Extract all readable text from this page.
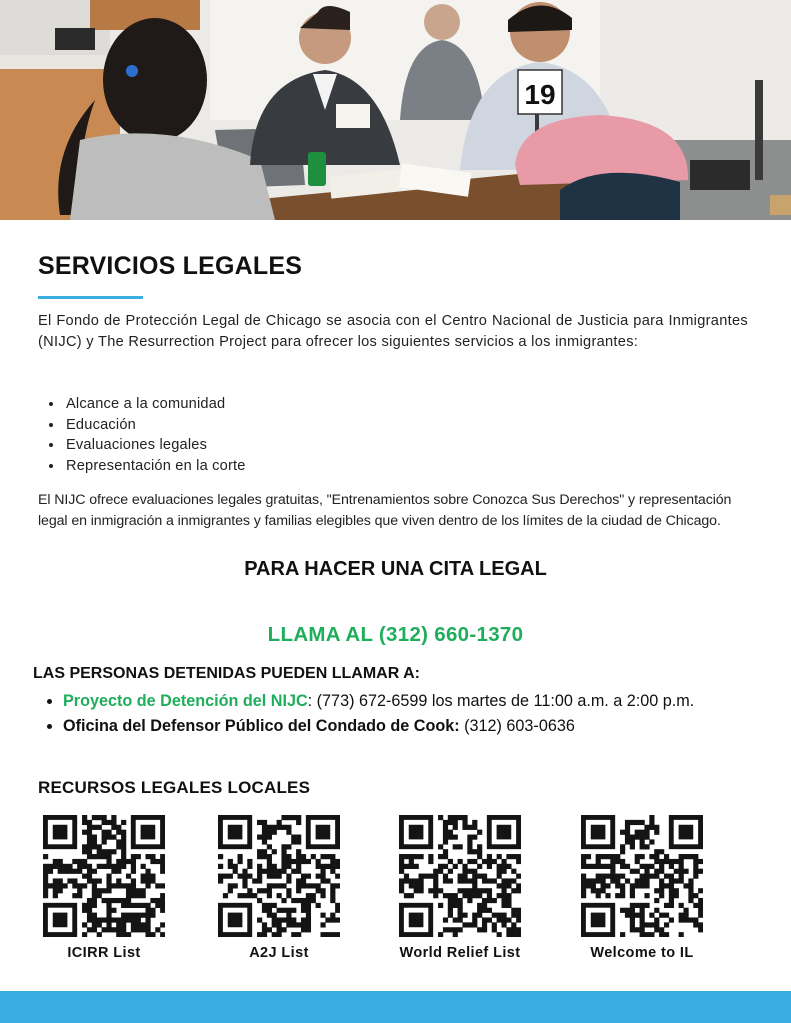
19
SERVICIOS LEGALES
El Fondo de Protección Legal de Chicago se asocia con el Centro Nacional de Justicia para Inmigrantes (NIJC) y The Resurrection Project para ofrecer los siguientes servicios a los inmigrantes:
• Alcance a la comunidad
• Educación
• Evaluaciones legales
• Representación en la corte
El NIJC ofrece evaluaciones legales gratuitas, "Entrenamientos sobre Conozca Sus Derechos" y representación legal en inmigración a inmigrantes y familias elegibles que viven dentro de los límites de la ciudad de Chicago.
PARA HACER UNA CITA LEGAL
LLAMA AL (312) 660-1370
LAS PERSONAS DETENIDAS PUEDEN LLAMAR A:
• Proyecto de Detención del NIJC: (773) 672-6599 los martes de 11:00 a.m. a 2:00 p.m.
• Oficina del Defensor Público del Condado de Cook: (312) 603-0636
RECURSOS LEGALES LOCALES
ICIRR List	A2J List	World Relief List	Welcome to IL
